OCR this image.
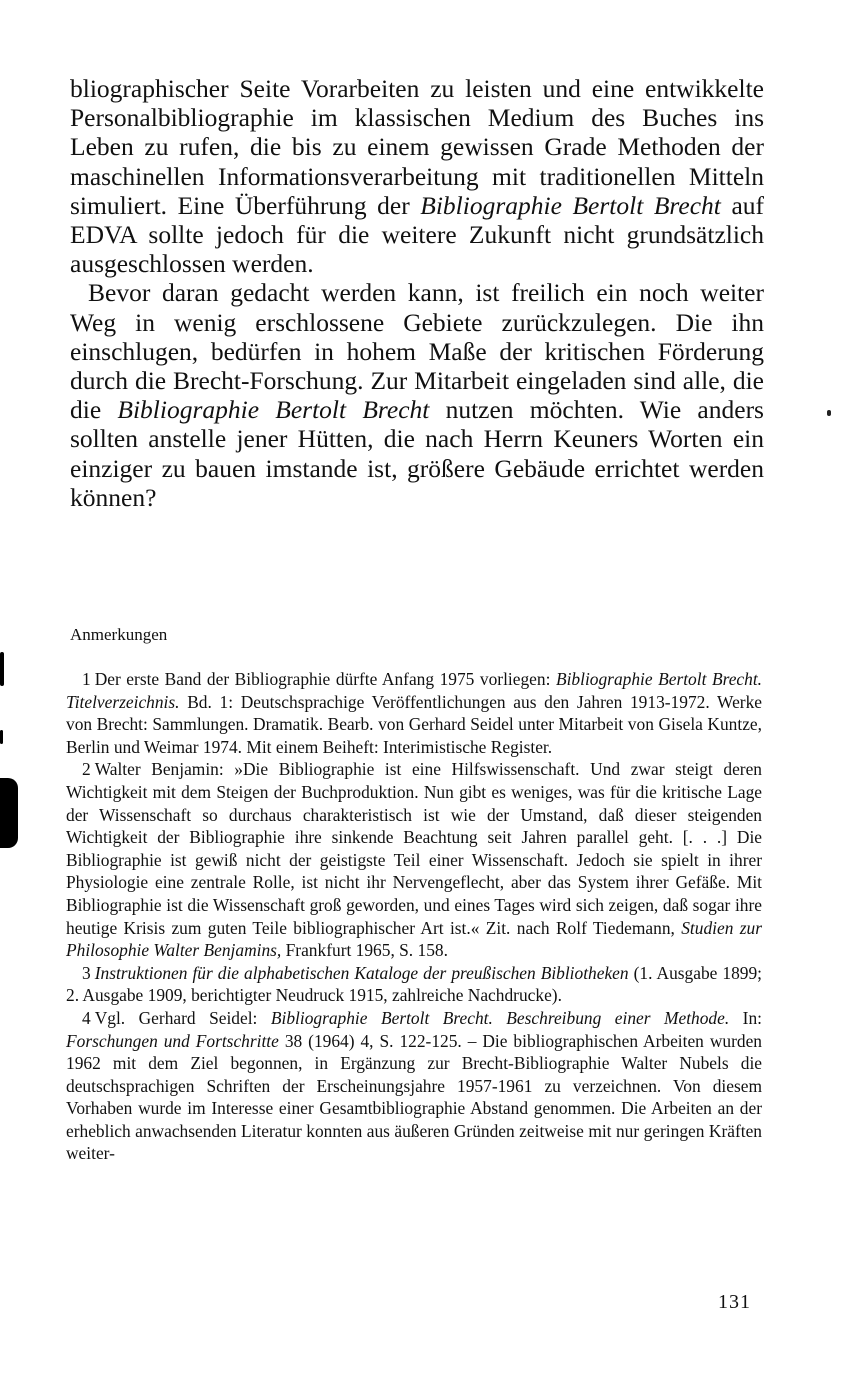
bliographischer Seite Vorarbeiten zu leisten und eine entwikkelte Personalbibliographie im klassischen Medium des Buches ins Leben zu rufen, die bis zu einem gewissen Grade Methoden der maschinellen Informationsverarbeitung mit traditionellen Mitteln simuliert. Eine Überführung der Bibliographie Bertolt Brecht auf EDVA sollte jedoch für die weitere Zukunft nicht grundsätzlich ausgeschlossen werden.

Bevor daran gedacht werden kann, ist freilich ein noch weiter Weg in wenig erschlossene Gebiete zurückzulegen. Die ihn einschlugen, bedürfen in hohem Maße der kritischen Förderung durch die Brecht-Forschung. Zur Mitarbeit eingeladen sind alle, die die Bibliographie Bertolt Brecht nutzen möchten. Wie anders sollten anstelle jener Hütten, die nach Herrn Keuners Worten ein einziger zu bauen imstande ist, größere Gebäude errichtet werden können?

Anmerkungen

1 Der erste Band der Bibliographie dürfte Anfang 1975 vorliegen: Bibliographie Bertolt Brecht. Titelverzeichnis. Bd. 1: Deutschsprachige Veröffentlichungen aus den Jahren 1913-1972. Werke von Brecht: Sammlungen. Dramatik. Bearb. von Gerhard Seidel unter Mitarbeit von Gisela Kuntze, Berlin und Weimar 1974. Mit einem Beiheft: Interimistische Register.

2 Walter Benjamin: »Die Bibliographie ist eine Hilfswissenschaft. Und zwar steigt deren Wichtigkeit mit dem Steigen der Buchproduktion. Nun gibt es weniges, was für die kritische Lage der Wissenschaft so durchaus charakteristisch ist wie der Umstand, daß dieser steigenden Wichtigkeit der Bibliographie ihre sinkende Beachtung seit Jahren parallel geht. [. . .] Die Bibliographie ist gewiß nicht der geistigste Teil einer Wissenschaft. Jedoch sie spielt in ihrer Physiologie eine zentrale Rolle, ist nicht ihr Nervengeflecht, aber das System ihrer Gefäße. Mit Bibliographie ist die Wissenschaft groß geworden, und eines Tages wird sich zeigen, daß sogar ihre heutige Krisis zum guten Teile bibliographischer Art ist.« Zit. nach Rolf Tiedemann, Studien zur Philosophie Walter Benjamins, Frankfurt 1965, S. 158.

3 Instruktionen für die alphabetischen Kataloge der preußischen Bibliotheken (1. Ausgabe 1899; 2. Ausgabe 1909, berichtigter Neudruck 1915, zahlreiche Nachdrucke).

4 Vgl. Gerhard Seidel: Bibliographie Bertolt Brecht. Beschreibung einer Methode. In: Forschungen und Fortschritte 38 (1964) 4, S. 122-125. – Die bibliographischen Arbeiten wurden 1962 mit dem Ziel begonnen, in Ergänzung zur Brecht-Bibliographie Walter Nubels die deutschsprachigen Schriften der Erscheinungsjahre 1957-1961 zu verzeichnen. Von diesem Vorhaben wurde im Interesse einer Gesamtbibliographie Abstand genommen. Die Arbeiten an der erheblich anwachsenden Literatur konnten aus äußeren Gründen zeitweise mit nur geringen Kräften weiter-

131
